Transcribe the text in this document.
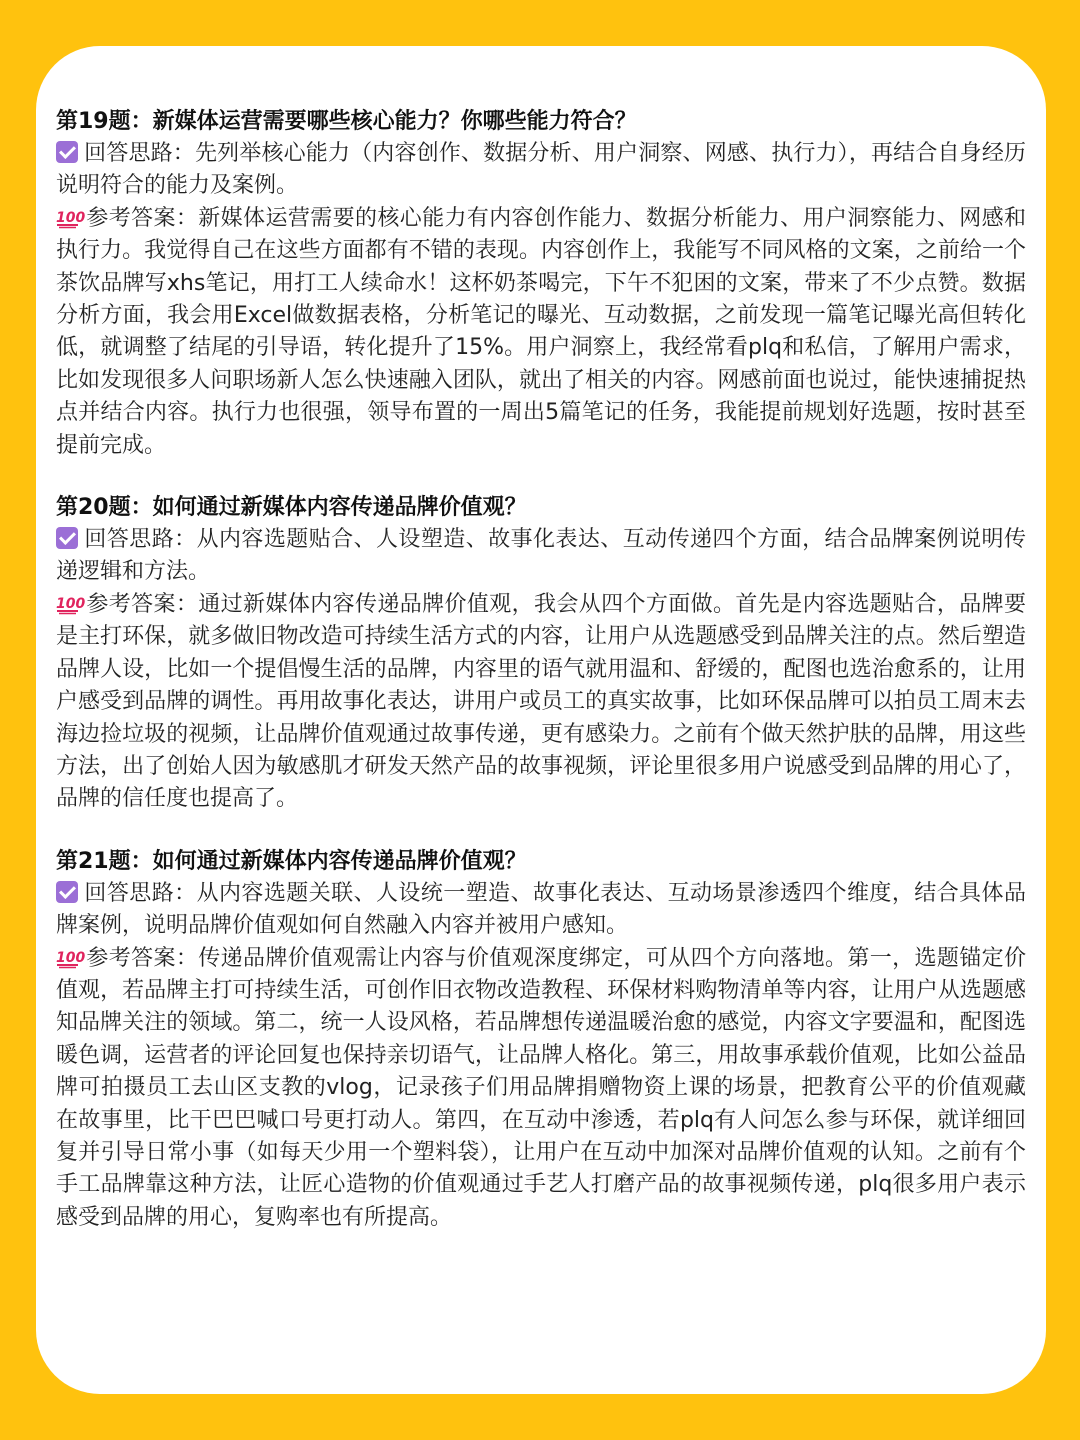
第19题：新媒体运营需要哪些核心能力？你哪些能力符合？

回答思路：先列举核心能力（内容创作、数据分析、用户洞察、网感、执行力），再结合自身经历说明符合的能力及案例。

100 参考答案：新媒体运营需要的核心能力有内容创作能力、数据分析能力、用户洞察能力、网感和执行力。我觉得自己在这些方面都有不错的表现。内容创作上，我能写不同风格的文案，之前给一个茶饮品牌写xhs笔记，用打工人续命水！这杯奶茶喝完，下午不犯困的文案，带来了不少点赞。数据分析方面，我会用Excel做数据表格，分析笔记的曝光、互动数据，之前发现一篇笔记曝光高但转化低，就调整了结尾的引导语，转化提升了15%。用户洞察上，我经常看plq和私信，了解用户需求，比如发现很多人问职场新人怎么快速融入团队，就出了相关的内容。网感前面也说过，能快速捕捉热点并结合内容。执行力也很强，领导布置的一周出5篇笔记的任务，我能提前规划好选题，按时甚至提前完成。

第20题：如何通过新媒体内容传递品牌价值观？

回答思路：从内容选题贴合、人设塑造、故事化表达、互动传递四个方面，结合品牌案例说明传递逻辑和方法。

100 参考答案：通过新媒体内容传递品牌价值观，我会从四个方面做。首先是内容选题贴合，品牌要是主打环保，就多做旧物改造可持续生活方式的内容，让用户从选题感受到品牌关注的点。然后塑造品牌人设，比如一个提倡慢生活的品牌，内容里的语气就用温和、舒缓的，配图也选治愈系的，让用户感受到品牌的调性。再用故事化表达，讲用户或员工的真实故事，比如环保品牌可以拍员工周末去海边捡垃圾的视频，让品牌价值观通过故事传递，更有感染力。之前有个做天然护肤的品牌，用这些方法，出了创始人因为敏感肌才研发天然产品的故事视频，评论里很多用户说感受到品牌的用心了，品牌的信任度也提高了。

第21题：如何通过新媒体内容传递品牌价值观？

回答思路：从内容选题关联、人设统一塑造、故事化表达、互动场景渗透四个维度，结合具体品牌案例，说明品牌价值观如何自然融入内容并被用户感知。

100 参考答案：传递品牌价值观需让内容与价值观深度绑定，可从四个方向落地。第一，选题锚定价值观，若品牌主打可持续生活，可创作旧衣物改造教程、环保材料购物清单等内容，让用户从选题感知品牌关注的领域。第二，统一人设风格，若品牌想传递温暖治愈的感觉，内容文字要温和，配图选暖色调，运营者的评论回复也保持亲切语气，让品牌人格化。第三，用故事承载价值观，比如公益品牌可拍摄员工去山区支教的vlog，记录孩子们用品牌捐赠物资上课的场景，把教育公平的价值观藏在故事里，比干巴巴喊口号更打动人。第四，在互动中渗透，若plq有人问怎么参与环保，就详细回复并引导日常小事（如每天少用一个塑料袋），让用户在互动中加深对品牌价值观的认知。之前有个手工品牌靠这种方法，让匠心造物的价值观通过手艺人打磨产品的故事视频传递，plq很多用户表示感受到品牌的用心，复购率也有所提高。
